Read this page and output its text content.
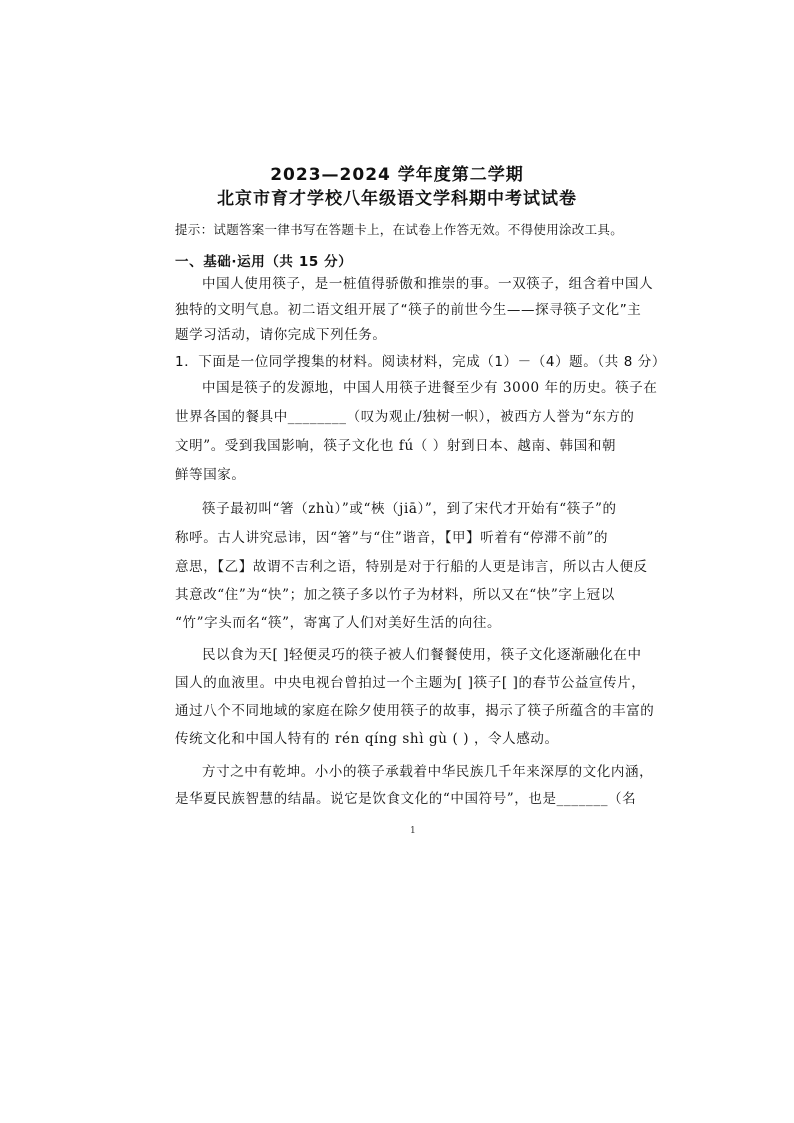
2023—2024 学年度第二学期
北京市育才学校八年级语文学科期中考试试卷
提示：试题答案一律书写在答题卡上，在试卷上作答无效。不得使用涂改工具。
一、基础·运用（共 15 分）
中国人使用筷子，是一桩值得骄傲和推崇的事。一双筷子，组含着中国人
独特的文明气息。初二语文组开展了“筷子的前世今生——探寻筷子文化”主
题学习活动，请你完成下列任务。
1．下面是一位同学搜集的材料。阅读材料，完成（1）－（4）题。（共 8 分）
中国是筷子的发源地，中国人用筷子进餐至少有 3000 年的历史。筷子在
世界各国的餐具中________（叹为观止/独树一帜），被西方人誉为“东方的
文明”。受到我国影响，筷子文化也 fú（ ）射到日本、越南、韩国和朝
鲜等国家。
筷子最初叫“箸（zhù）”或“梜（jiā）”，到了宋代才开始有“筷子”的
称呼。古人讲究忌讳，因“箸”与“住”谐音，【甲】听着有“停滞不前”的
意思，【乙】故谓不吉利之语，特别是对于行船的人更是讳言，所以古人便反
其意改“住”为“快”；加之筷子多以竹子为材料，所以又在“快”字上冠以
“竹”字头而名“筷”，寄寓了人们对美好生活的向往。
民以食为天[ ]轻便灵巧的筷子被人们餐餐使用，筷子文化逐渐融化在中
国人的血液里。中央电视台曾拍过一个主题为[ ]筷子[ ]的春节公益宣传片，
通过八个不同地域的家庭在除夕使用筷子的故事，揭示了筷子所蕴含的丰富的
传统文化和中国人特有的 rén qíng shì gù ( ) ，令人感动。
方寸之中有乾坤。小小的筷子承载着中华民族几千年来深厚的文化内涵，
是华夏民族智慧的结晶。说它是饮食文化的“中国符号”，也是_______（名
1
